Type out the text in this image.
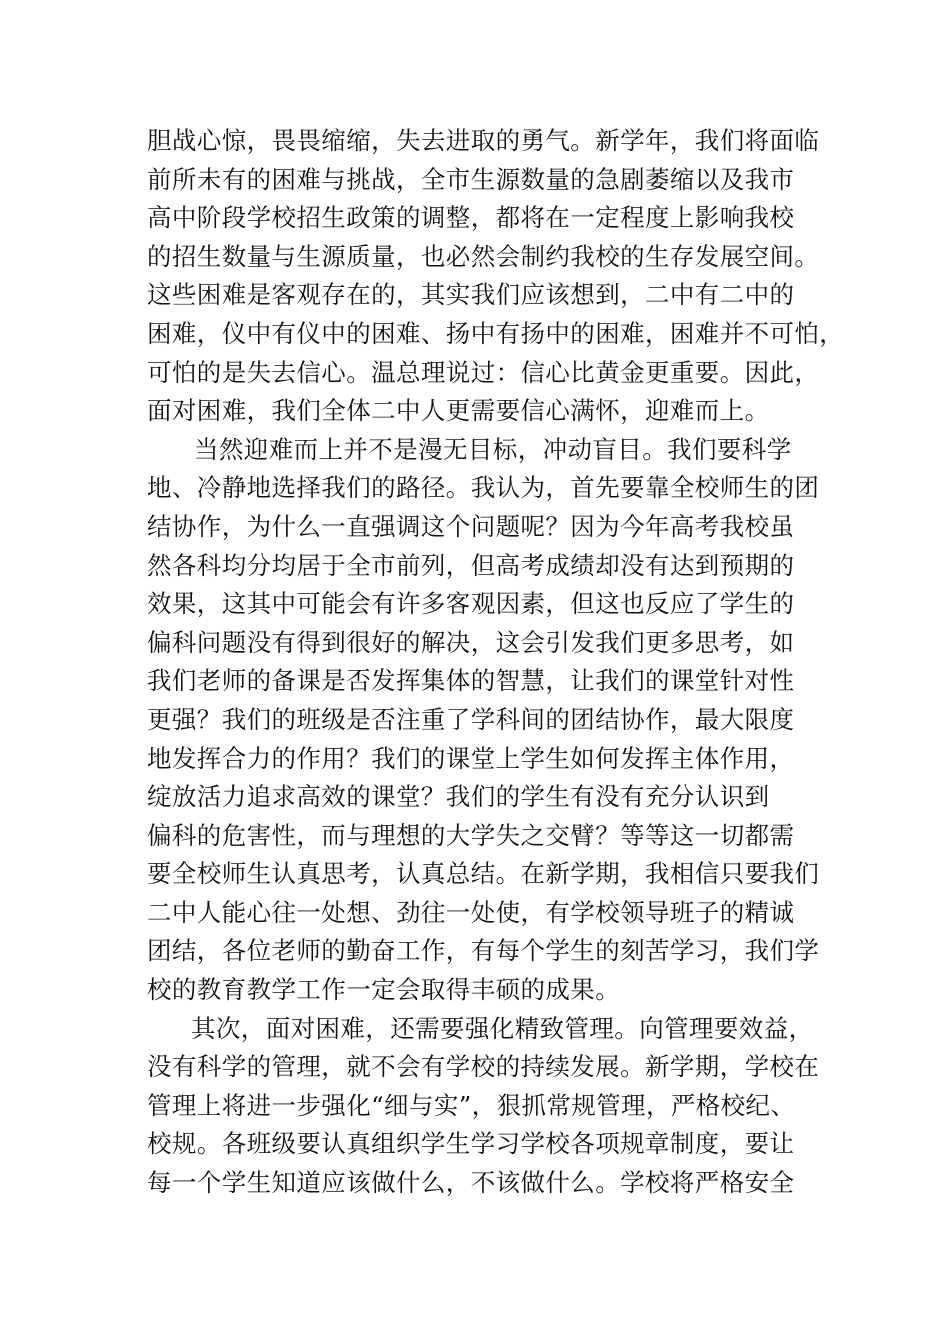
胆战心惊，畏畏缩缩，失去进取的勇气。新学年，我们将面临
前所未有的困难与挑战，全市生源数量的急剧萎缩以及我市
高中阶段学校招生政策的调整，都将在一定程度上影响我校
的招生数量与生源质量，也必然会制约我校的生存发展空间。
这些困难是客观存在的，其实我们应该想到，二中有二中的
困难，仪中有仪中的困难、扬中有扬中的困难，困难并不可怕，
可怕的是失去信心。温总理说过：信心比黄金更重要。因此，
面对困难，我们全体二中人更需要信心满怀，迎难而上。
当然迎难而上并不是漫无目标，冲动盲目。我们要科学
地、冷静地选择我们的路径。我认为，首先要靠全校师生的团
结协作，为什么一直强调这个问题呢？因为今年高考我校虽
然各科均分均居于全市前列，但高考成绩却没有达到预期的
效果，这其中可能会有许多客观因素，但这也反应了学生的
偏科问题没有得到很好的解决，这会引发我们更多思考，如
我们老师的备课是否发挥集体的智慧，让我们的课堂针对性
更强？我们的班级是否注重了学科间的团结协作，最大限度
地发挥合力的作用？我们的课堂上学生如何发挥主体作用，
绽放活力追求高效的课堂？我们的学生有没有充分认识到
偏科的危害性，而与理想的大学失之交臂？等等这一切都需
要全校师生认真思考，认真总结。在新学期，我相信只要我们
二中人能心往一处想、劲往一处使，有学校领导班子的精诚
团结，各位老师的勤奋工作，有每个学生的刻苦学习，我们学
校的教育教学工作一定会取得丰硕的成果。
其次，面对困难，还需要强化精致管理。向管理要效益，
没有科学的管理，就不会有学校的持续发展。新学期，学校在
管理上将进一步强化“细与实”，狠抓常规管理，严格校纪、
校规。各班级要认真组织学生学习学校各项规章制度，要让
每一个学生知道应该做什么，不该做什么。学校将严格安全
